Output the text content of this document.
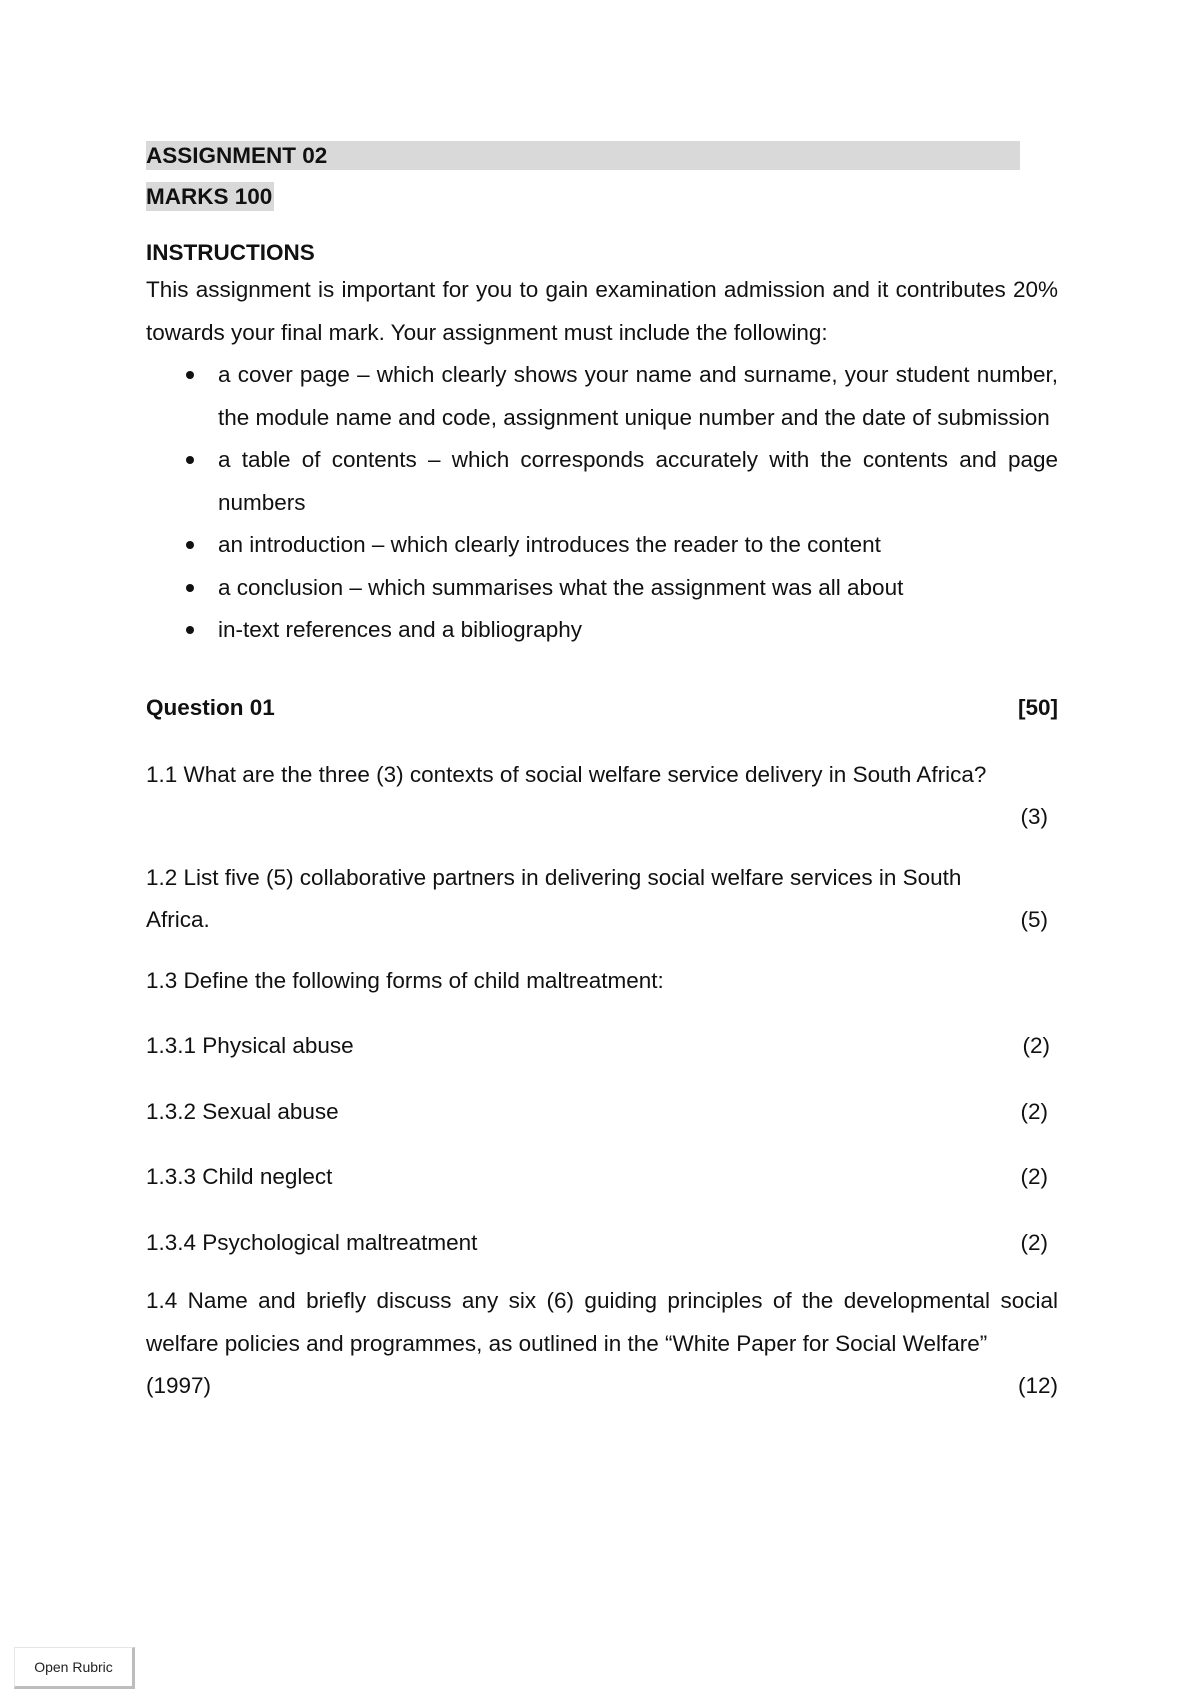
ASSIGNMENT 02
MARKS 100
INSTRUCTIONS

This assignment is important for you to gain examination admission and it contributes 20% towards your final mark. Your assignment must include the following:

a cover page – which clearly shows your name and surname, your student number, the module name and code, assignment unique number and the date of submission
a table of contents – which corresponds accurately with the contents and page numbers
an introduction – which clearly introduces the reader to the content
a conclusion – which summarises what the assignment was all about
in-text references and a bibliography
Question 01	[50]
1.1 What are the three (3) contexts of social welfare service delivery in South Africa?
(3)
1.2 List five (5) collaborative partners in delivering social welfare services in South
Africa.	(5)
1.3 Define the following forms of child maltreatment:
1.3.1 Physical abuse	(2)
1.3.2 Sexual abuse	(2)
1.3.3 Child neglect	(2)
1.3.4 Psychological maltreatment	(2)
1.4 Name and briefly discuss any six (6) guiding principles of the developmental social welfare policies and programmes, as outlined in the “White Paper for Social Welfare”
(1997)	(12)
Open Rubric
